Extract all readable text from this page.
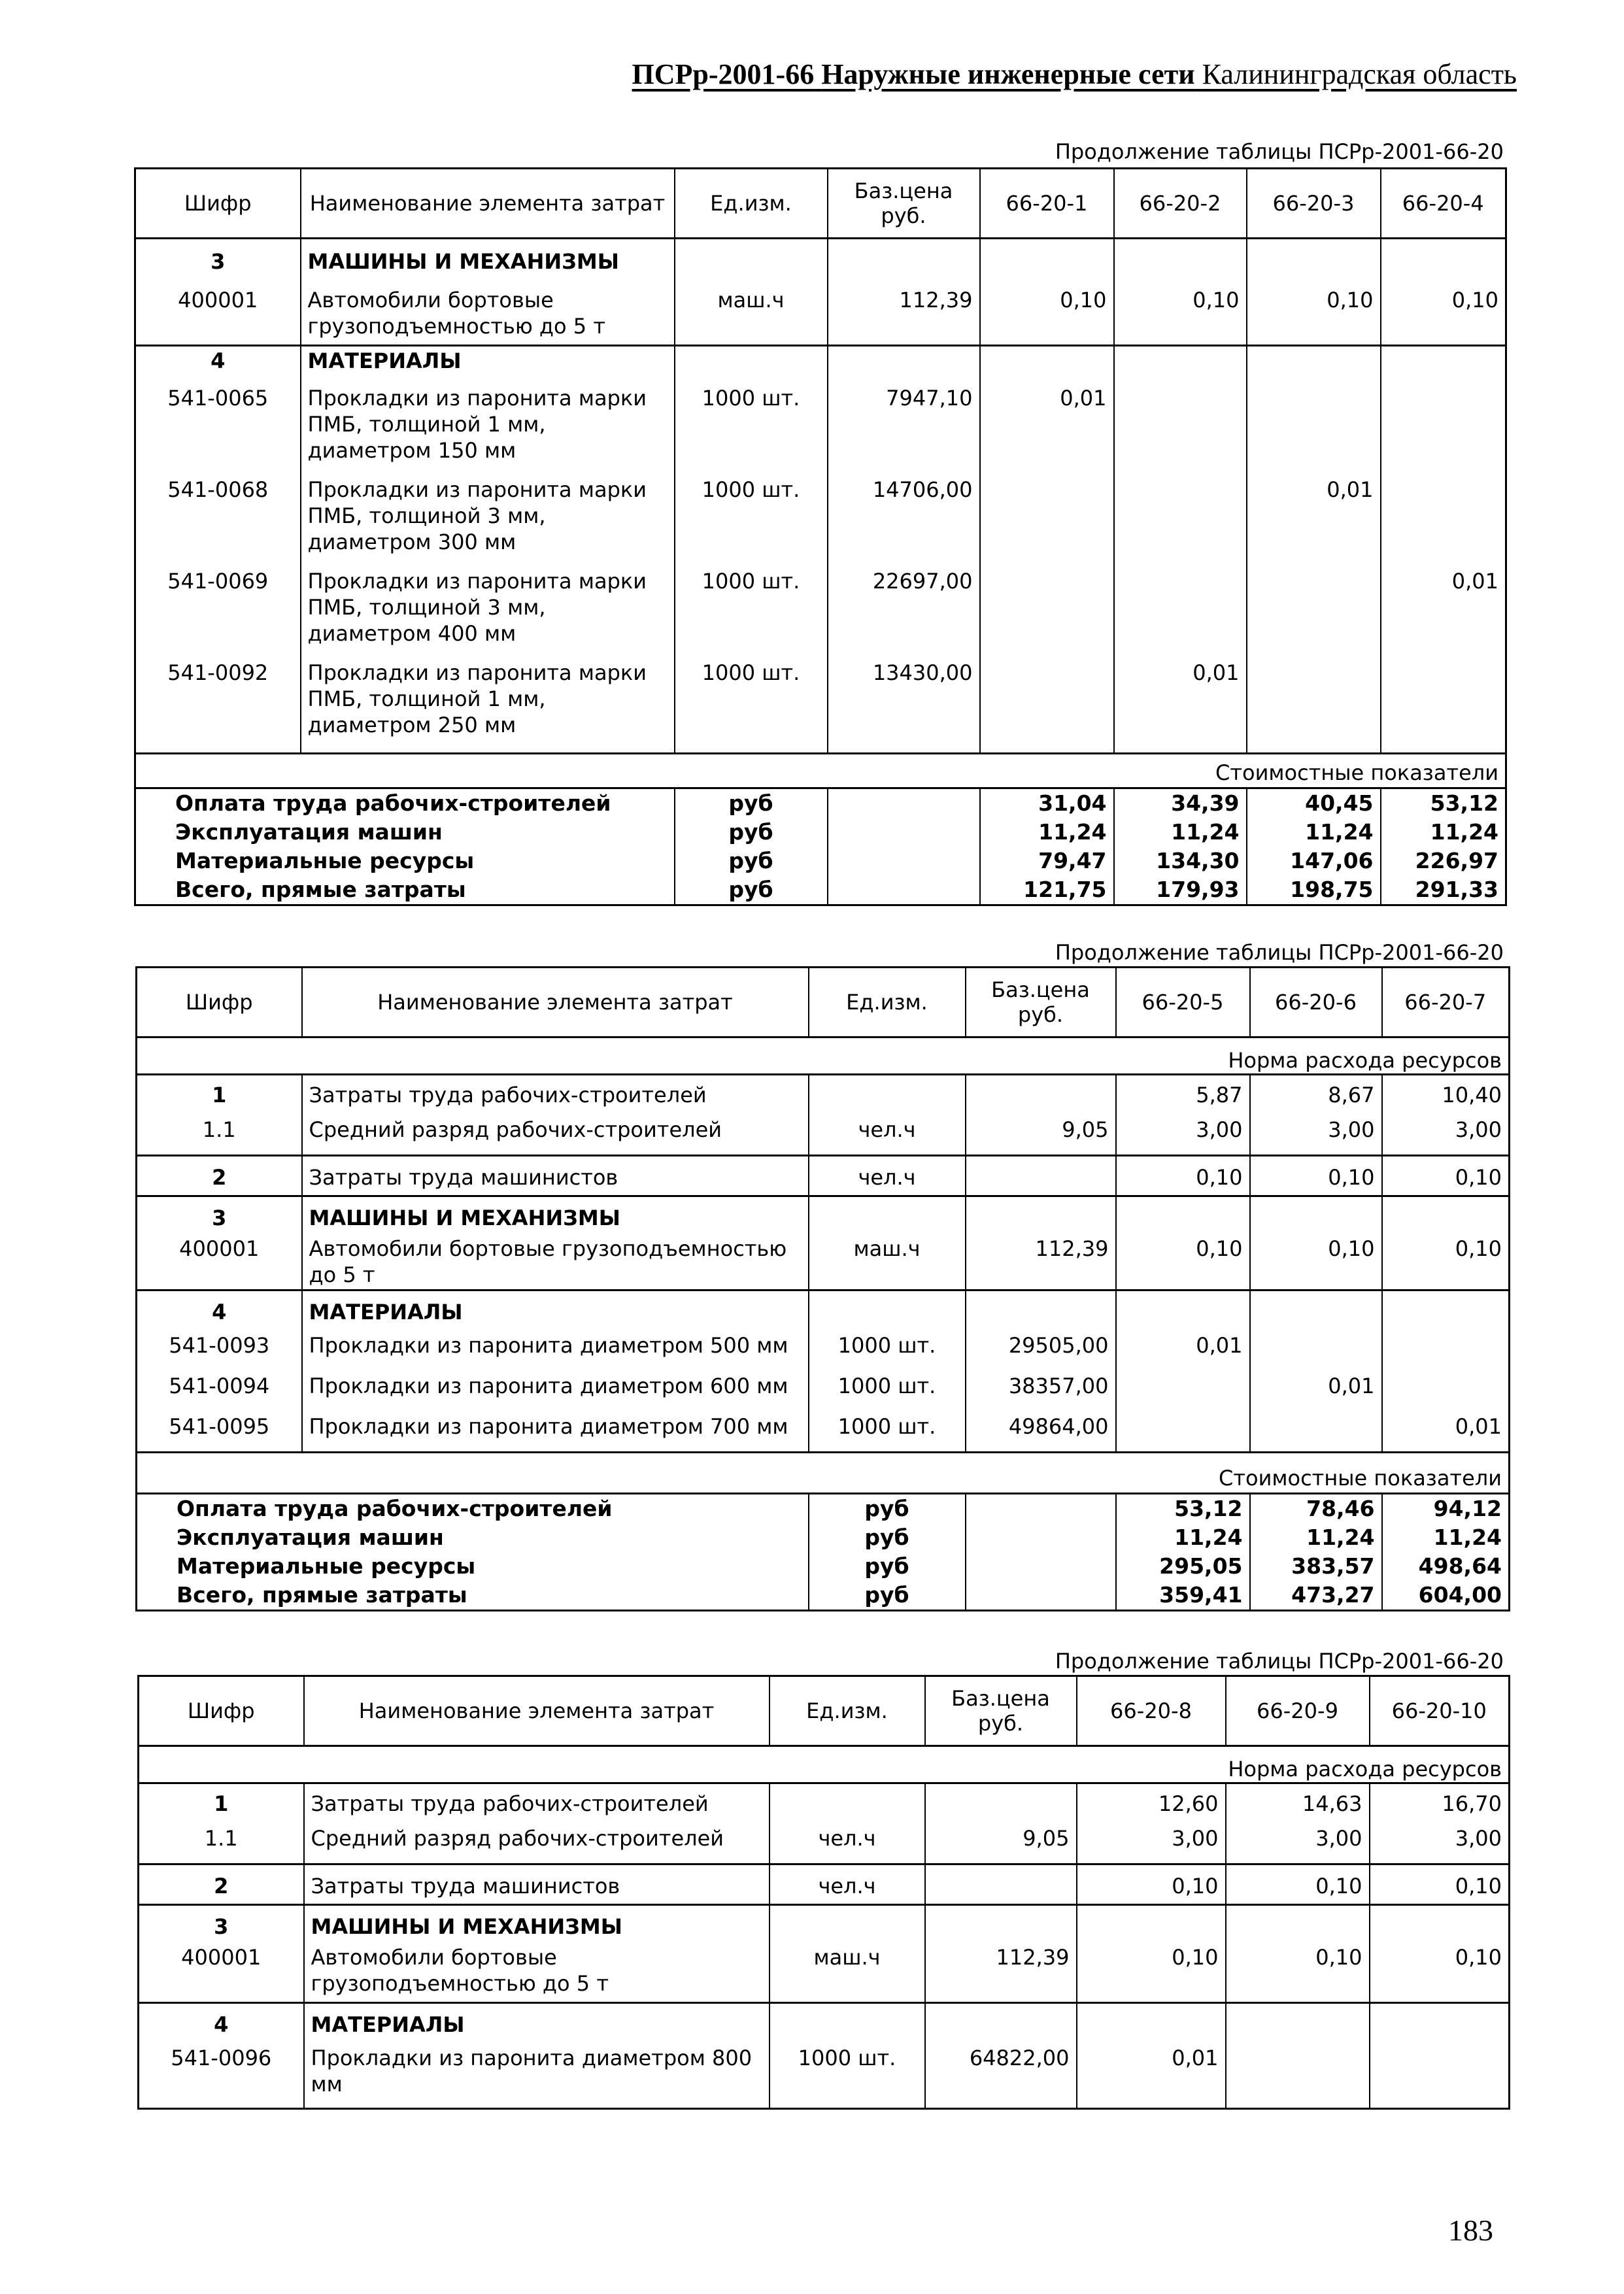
ПСРр-2001-66 Наружные инженерные сети Калининградская область
Продолжение таблицы ПСРр-2001-66-20
Шифр	Наименование элемента затрат	Ед.изм.	Баз.цена руб.	66-20-1	66-20-2	66-20-3	66-20-4
3	МАШИНЫ И МЕХАНИЗМЫ						
400001	Автомобили бортовые грузоподъемностью до 5 т	маш.ч	112,39	0,10	0,10	0,10	0,10
4	МАТЕРИАЛЫ						
541-0065	Прокладки из паронита марки ПМБ, толщиной 1 мм, диаметром 150 мм	1000 шт.	7947,10	0,01			
541-0068	Прокладки из паронита марки ПМБ, толщиной 3 мм, диаметром 300 мм	1000 шт.	14706,00			0,01	
541-0069	Прокладки из паронита марки ПМБ, толщиной 3 мм, диаметром 400 мм	1000 шт.	22697,00				0,01
541-0092	Прокладки из паронита марки ПМБ, толщиной 1 мм, диаметром 250 мм	1000 шт.	13430,00		0,01		
Стоимостные показатели							
Оплата труда рабочих-строителей		руб		31,04	34,39	40,45	53,12
Эксплуатация машин		руб		11,24	11,24	11,24	11,24
Материальные ресурсы		руб		79,47	134,30	147,06	226,97
Всего, прямые затраты		руб		121,75	179,93	198,75	291,33
Продолжение таблицы ПСРр-2001-66-20
Шифр	Наименование элемента затрат	Ед.изм.	Баз.цена руб.	66-20-5	66-20-6	66-20-7
Норма расхода ресурсов						
1	Затраты труда рабочих-строителей			5,87	8,67	10,40
1.1	Средний разряд рабочих-строителей	чел.ч	9,05	3,00	3,00	3,00
2	Затраты труда машинистов	чел.ч		0,10	0,10	0,10
3	МАШИНЫ И МЕХАНИЗМЫ					
400001	Автомобили бортовые грузоподъемностью до 5 т	маш.ч	112,39	0,10	0,10	0,10
4	МАТЕРИАЛЫ					
541-0093	Прокладки из паронита диаметром 500 мм	1000 шт.	29505,00	0,01		
541-0094	Прокладки из паронита диаметром 600 мм	1000 шт.	38357,00		0,01	
541-0095	Прокладки из паронита диаметром 700 мм	1000 шт.	49864,00			0,01
Стоимостные показатели						
Оплата труда рабочих-строителей		руб		53,12	78,46	94,12
Эксплуатация машин		руб		11,24	11,24	11,24
Материальные ресурсы		руб		295,05	383,57	498,64
Всего, прямые затраты		руб		359,41	473,27	604,00
Продолжение таблицы ПСРр-2001-66-20
Шифр	Наименование элемента затрат	Ед.изм.	Баз.цена руб.	66-20-8	66-20-9	66-20-10
Норма расхода ресурсов						
1	Затраты труда рабочих-строителей			12,60	14,63	16,70
1.1	Средний разряд рабочих-строителей	чел.ч	9,05	3,00	3,00	3,00
2	Затраты труда машинистов	чел.ч		0,10	0,10	0,10
3	МАШИНЫ И МЕХАНИЗМЫ					
400001	Автомобили бортовые грузоподъемностью до 5 т	маш.ч	112,39	0,10	0,10	0,10
4	МАТЕРИАЛЫ					
541-0096	Прокладки из паронита диаметром 800 мм	1000 шт.	64822,00	0,01		
183
